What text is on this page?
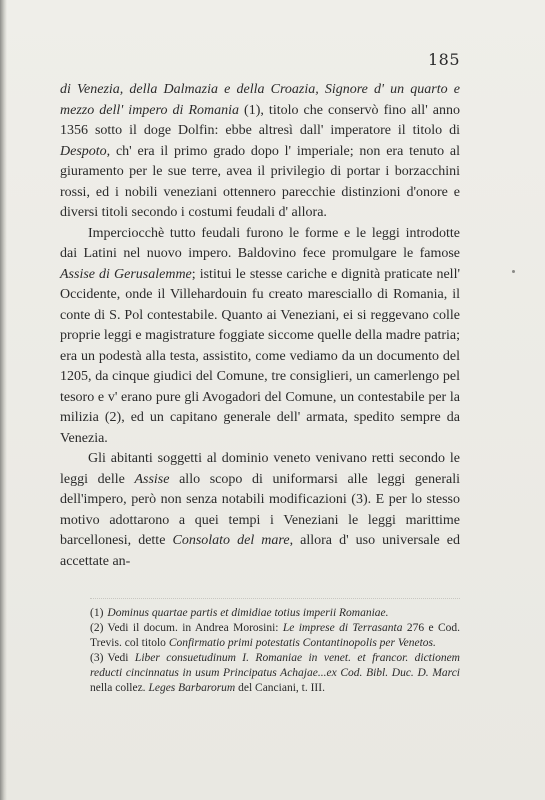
185

di Venezia, della Dalmazia e della Croazia, Signore d' un quarto e mezzo dell' impero di Romania (1), titolo che conservò fino all' anno 1356 sotto il doge Dolfin: ebbe altresì dall' imperatore il titolo di Despoto, ch' era il primo grado dopo l' imperiale; non era tenuto al giuramento per le sue terre, avea il privilegio di portar i borzacchini rossi, ed i nobili veneziani ottennero parecchie distinzioni d'onore e diversi titoli secondo i costumi feudali d' allora.

Imperciocchè tutto feudali furono le forme e le leggi introdotte dai Latini nel nuovo impero. Baldovino fece promulgare le famose Assise di Gerusalemme; istitui le stesse cariche e dignità praticate nell' Occidente, onde il Villehardouin fu creato maresciallo di Romania, il conte di S. Pol contestabile. Quanto ai Veneziani, ei si reggevano colle proprie leggi e magistrature foggiate siccome quelle della madre patria; era un podestà alla testa, assistito, come vediamo da un documento del 1205, da cinque giudici del Comune, tre consiglieri, un camerlengo pel tesoro e v' erano pure gli Avogadori del Comune, un contestabile per la milizia (2), ed un capitano generale dell' armata, spedito sempre da Venezia.

Gli abitanti soggetti al dominio veneto venivano retti secondo le leggi delle Assise allo scopo di uniformarsi alle leggi generali dell'impero, però non senza notabili modificazioni (3). E per lo stesso motivo adottarono a quei tempi i Veneziani le leggi marittime barcellonesi, dette Consolato del mare, allora d' uso universale ed accettate an-

(1) Dominus quartae partis et dimidiae totius imperii Romaniae.
(2) Vedi il docum. in Andrea Morosini: Le imprese di Terrasanta 276 e Cod. Trevis. col titolo Confirmatio primi potestatis Contantinopolis per Venetos.
(3) Vedi Liber consuetudinum I. Romaniae in venet. et francor. dictionem reducti cincinnatus in usum Principatus Achajae...ex Cod. Bibl. Duc. D. Marci nella collez. Leges Barbarorum del Canciani, t. III.
